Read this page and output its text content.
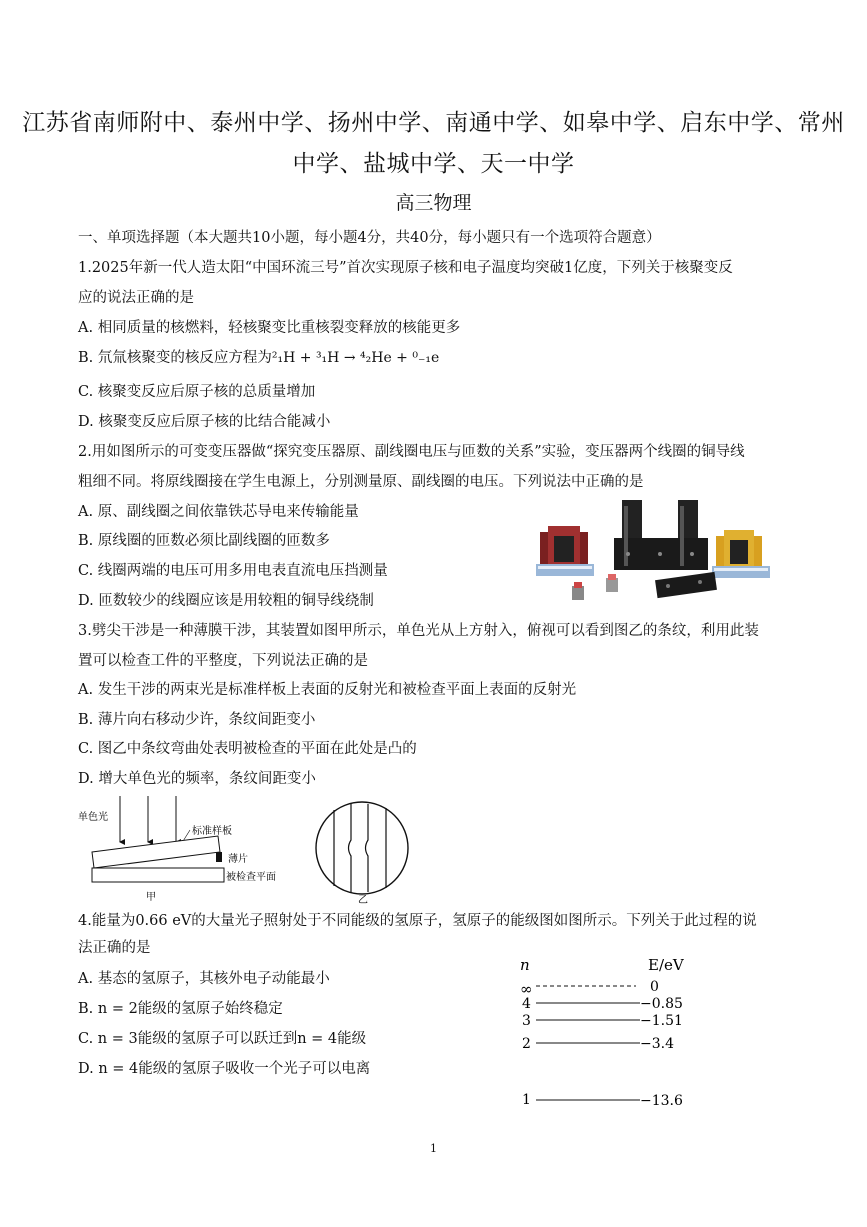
江苏省南师附中、泰州中学、扬州中学、南通中学、如皋中学、启东中学、常州
中学、盐城中学、天一中学
高三物理
一、单项选择题（本大题共10小题，每小题4分，共40分，每小题只有一个选项符合题意）
1.2025年新一代人造太阳“中国环流三号”首次实现原子核和电子温度均突破1亿度，下列关于核聚变反
应的说法正确的是
A. 相同质量的核燃料，轻核聚变比重核裂变释放的核能更多
B. 氘氚核聚变的核反应方程为²₁H + ³₁H → ⁴₂He + ⁰₋₁e
C. 核聚变反应后原子核的总质量增加
D. 核聚变反应后原子核的比结合能减小
2.用如图所示的可变变压器做“探究变压器原、副线圈电压与匝数的关系”实验，变压器两个线圈的铜导线
粗细不同。将原线圈接在学生电源上，分别测量原、副线圈的电压。下列说法中正确的是
A. 原、副线圈之间依靠铁芯导电来传输能量
B. 原线圈的匝数必须比副线圈的匝数多
C. 线圈两端的电压可用多用电表直流电压挡测量
D. 匝数较少的线圈应该是用较粗的铜导线绕制
3.劈尖干涉是一种薄膜干涉，其装置如图甲所示，单色光从上方射入，俯视可以看到图乙的条纹，利用此装
置可以检查工件的平整度，下列说法正确的是
A. 发生干涉的两束光是标准样板上表面的反射光和被检查平面上表面的反射光
B. 薄片向右移动少许，条纹间距变小
C. 图乙中条纹弯曲处表明被检查的平面在此处是凸的
D. 增大单色光的频率，条纹间距变小
单色光
标准样板
薄片
被检查平面
甲	乙
4.能量为0.66 eV的大量光子照射处于不同能级的氢原子，氢原子的能级图如图所示。下列关于此过程的说
法正确的是
A. 基态的氢原子，其核外电子动能最小
B. n = 2能级的氢原子始终稳定
C. n = 3能级的氢原子可以跃迁到n = 4能级
D. n = 4能级的氢原子吸收一个光子可以电离
n	E/eV
∞	0
4	−0.85
3	−1.51
2	−3.4
1	−13.6
1
